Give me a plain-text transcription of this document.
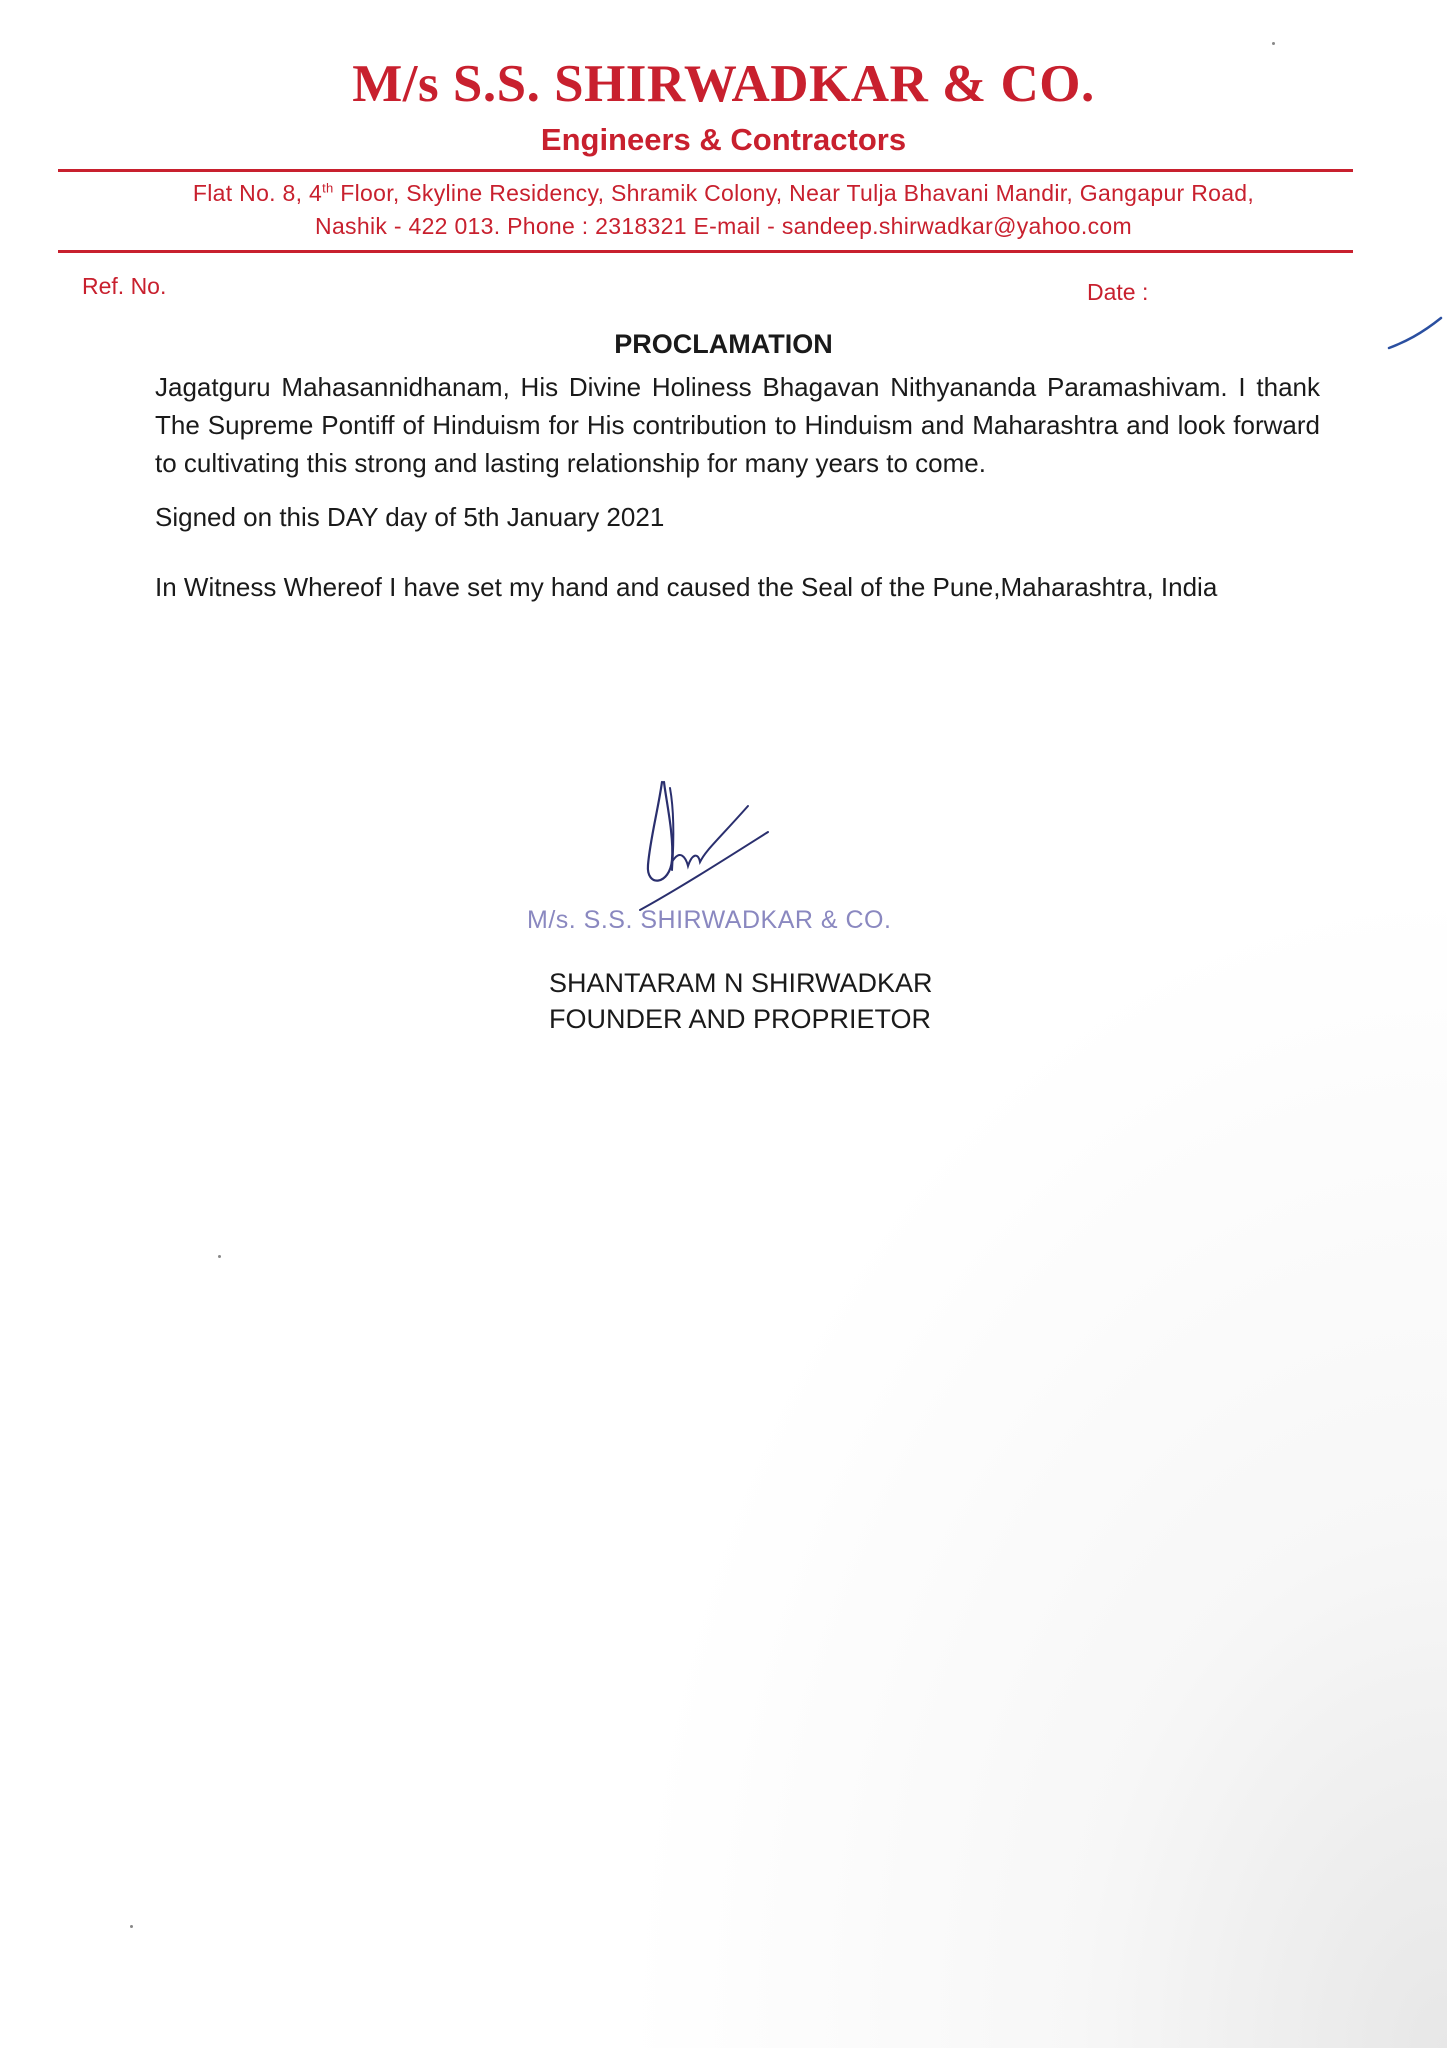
M/s S.S. SHIRWADKAR & CO.
Engineers & Contractors
Flat No. 8, 4th Floor, Skyline Residency, Shramik Colony, Near Tulja Bhavani Mandir, Gangapur Road,
Nashik - 422 013. Phone : 2318321 E-mail - sandeep.shirwadkar@yahoo.com
Ref. No.	Date :
PROCLAMATION
Jagatguru Mahasannidhanam, His Divine Holiness Bhagavan Nithyananda Paramashivam. I thank The Supreme Pontiff of Hinduism for His contribution to Hinduism and Maharashtra and look forward to cultivating this strong and lasting relationship for many years to come.
Signed on this DAY day of 5th January 2021
In Witness Whereof I have set my hand and caused the Seal of the Pune,Maharashtra, India
M/s. S.S. SHIRWADKAR & CO.
SHANTARAM N SHIRWADKAR
FOUNDER AND PROPRIETOR
